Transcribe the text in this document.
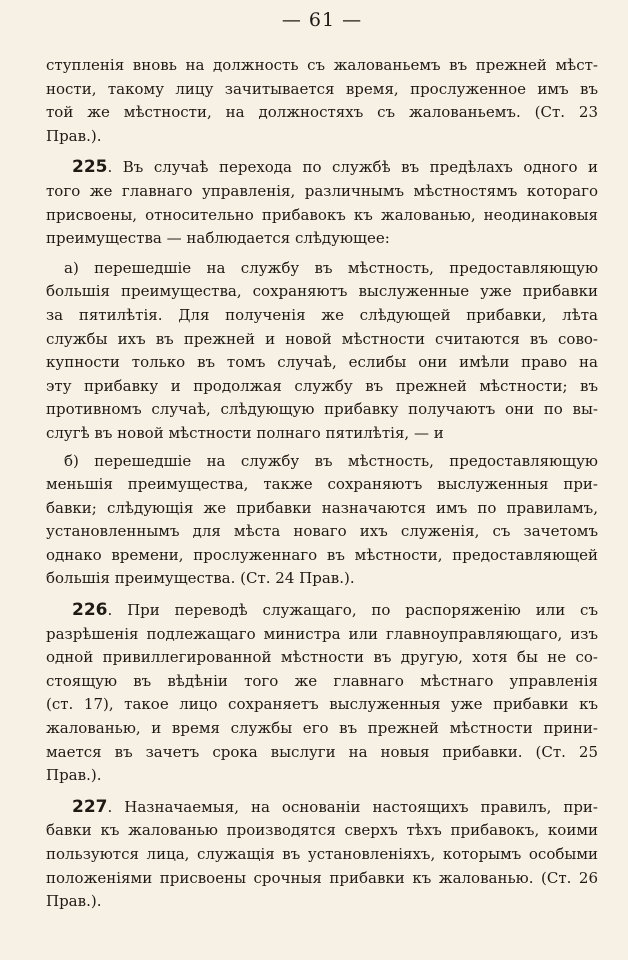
— 61 —
ступленія вновь на должность съ жалованьемъ въ прежней мѣст-
ности, такому лицу зачитывается время, прослуженное имъ въ
той же мѣстности, на должностяхъ съ жалованьемъ. (Ст. 23
Прав.).
225. Въ случаѣ перехода по службѣ въ предѣлахъ одного и
того же главнаго управленія, различнымъ мѣстностямъ котораго
присвоены, относительно прибавокъ къ жалованью, неодинаковыя
преимущества — наблюдается слѣдующее:
а) перешедшіе на службу въ мѣстность, предоставляющую
большія преимущества, сохраняютъ выслуженные уже прибавки
за пятилѣтія. Для полученія же слѣдующей прибавки, лѣта
службы ихъ въ прежней и новой мѣстности считаются въ сово-
купности только въ томъ случаѣ, еслибы они имѣли право на
эту прибавку и продолжая службу въ прежней мѣстности; въ
противномъ случаѣ, слѣдующую прибавку получаютъ они по вы-
слугѣ въ новой мѣстности полнаго пятилѣтія, — и
б) перешедшіе на службу въ мѣстность, предоставляющую
меньшія преимущества, также сохраняютъ выслуженныя при-
бавки; слѣдующія же прибавки назначаются имъ по правиламъ,
установленнымъ для мѣста новаго ихъ служенія, съ зачетомъ
однако времени, прослуженнаго въ мѣстности, предоставляющей
большія преимущества. (Ст. 24 Прав.).
226. При переводѣ служащаго, по распоряженію или съ
разрѣшенія подлежащаго министра или главноуправляющаго, изъ
одной привиллегированной мѣстности въ другую, хотя бы не со-
стоящую въ вѣдѣніи того же главнаго мѣстнаго управленія
(ст. 17), такое лицо сохраняетъ выслуженныя уже прибавки къ
жалованью, и время службы его въ прежней мѣстности прини-
мается въ зачетъ срока выслуги на новыя прибавки. (Ст. 25
Прав.).
227. Назначаемыя, на основаніи настоящихъ правилъ, при-
бавки къ жалованью производятся сверхъ тѣхъ прибавокъ, коими
пользуются лица, служащія въ установленіяхъ, которымъ особыми
положеніями присвоены срочныя прибавки къ жалованью. (Ст. 26
Прав.).
